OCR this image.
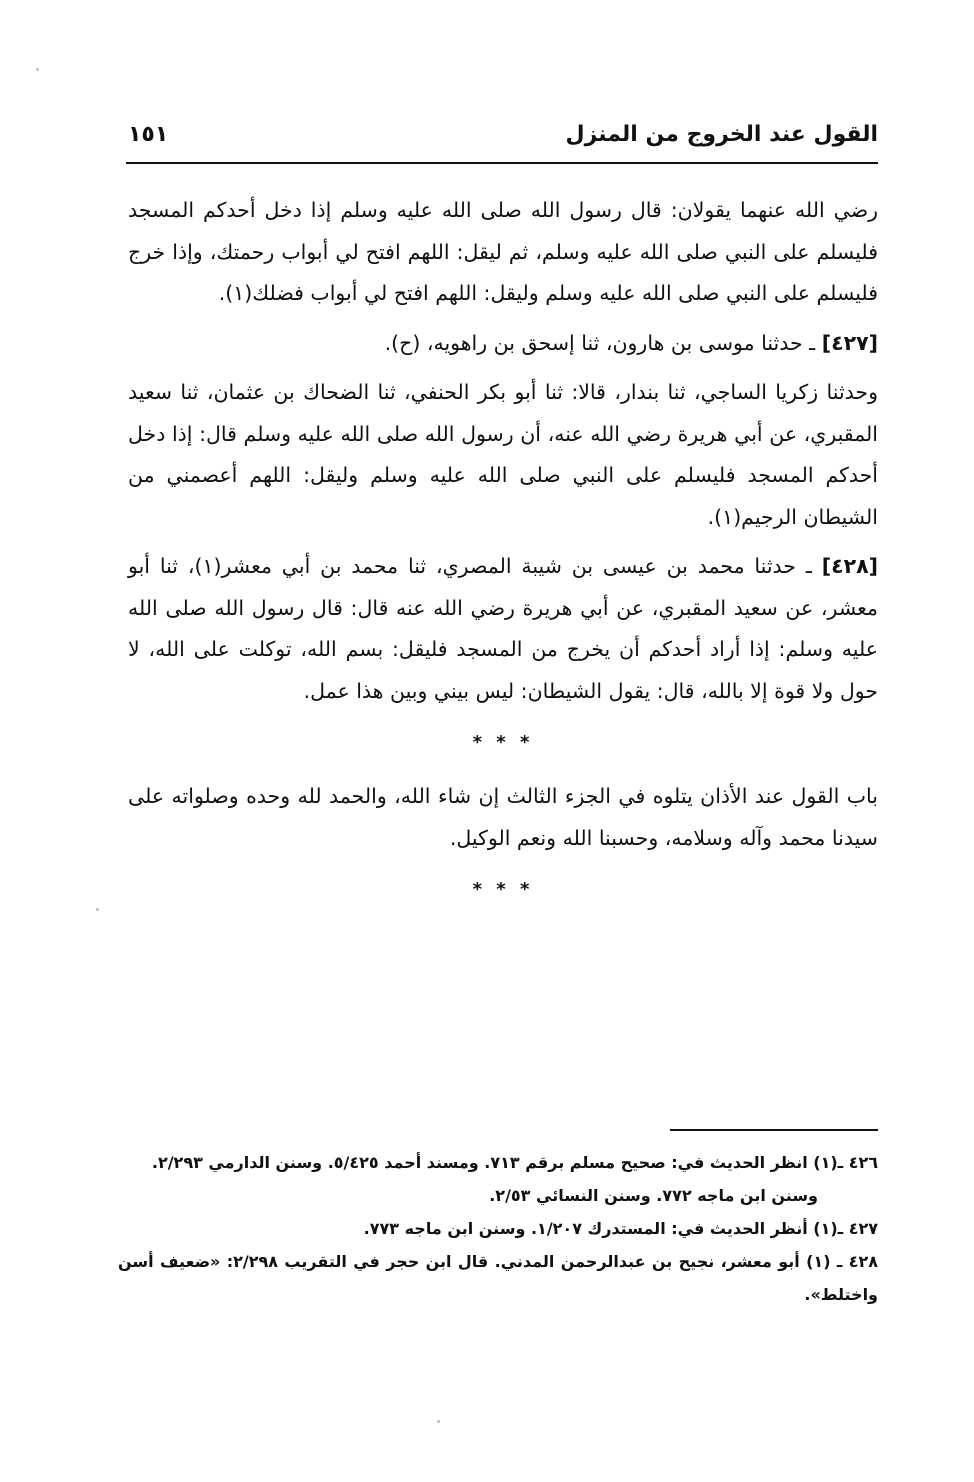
القول عند الخروج من المنزل
١٥١

رضي الله عنهما يقولان: قال رسول الله صلى الله عليه وسلم إذا دخل أحدكم المسجد فليسلم على النبي صلى الله عليه وسلم، ثم ليقل: اللهم افتح لي أبواب رحمتك، وإذا خرج فليسلم على النبي صلى الله عليه وسلم وليقل: اللهم افتح لي أبواب فضلك(١).

[٤٢٧] ـ حدثنا موسى بن هارون، ثنا إسحق بن راهويه، (ح).

وحدثنا زكريا الساجي، ثنا بندار، قالا: ثنا أبو بكر الحنفي، ثنا الضحاك بن عثمان، ثنا سعيد المقبري، عن أبي هريرة رضي الله عنه، أن رسول الله صلى الله عليه وسلم قال: إذا دخل أحدكم المسجد فليسلم على النبي صلى الله عليه وسلم وليقل: اللهم أعصمني من الشيطان الرجيم(١).

[٤٢٨] ـ حدثنا محمد بن عيسى بن شيبة المصري، ثنا محمد بن أبي معشر(١)، ثنا أبو معشر، عن سعيد المقبري، عن أبي هريرة رضي الله عنه قال: قال رسول الله صلى الله عليه وسلم: إذا أراد أحدكم أن يخرج من المسجد فليقل: بسم الله، توكلت على الله، لا حول ولا قوة إلا بالله، قال: يقول الشيطان: ليس بيني وبين هذا عمل.

* * *

باب القول عند الأذان يتلوه في الجزء الثالث إن شاء الله، والحمد لله وحده وصلواته على سيدنا محمد وآله وسلامه، وحسبنا الله ونعم الوكيل.

* * *

٤٢٦ ـ(١) انظر الحديث في: صحيح مسلم برقم ٧١٣. ومسند أحمد ٥/٤٢٥. وسنن الدارمي ٢/٢٩٣.

وسنن ابن ماجه ٧٧٢. وسنن النسائي ٢/٥٣.

٤٢٧ ـ(١) أنظر الحديث في: المستدرك ١/٢٠٧. وسنن ابن ماجه ٧٧٣.

٤٢٨ ـ (١) أبو معشر، نجيح بن عبدالرحمن المدني. قال ابن حجر في التقريب ٢/٢٩٨: «ضعيف أسن واختلط».
